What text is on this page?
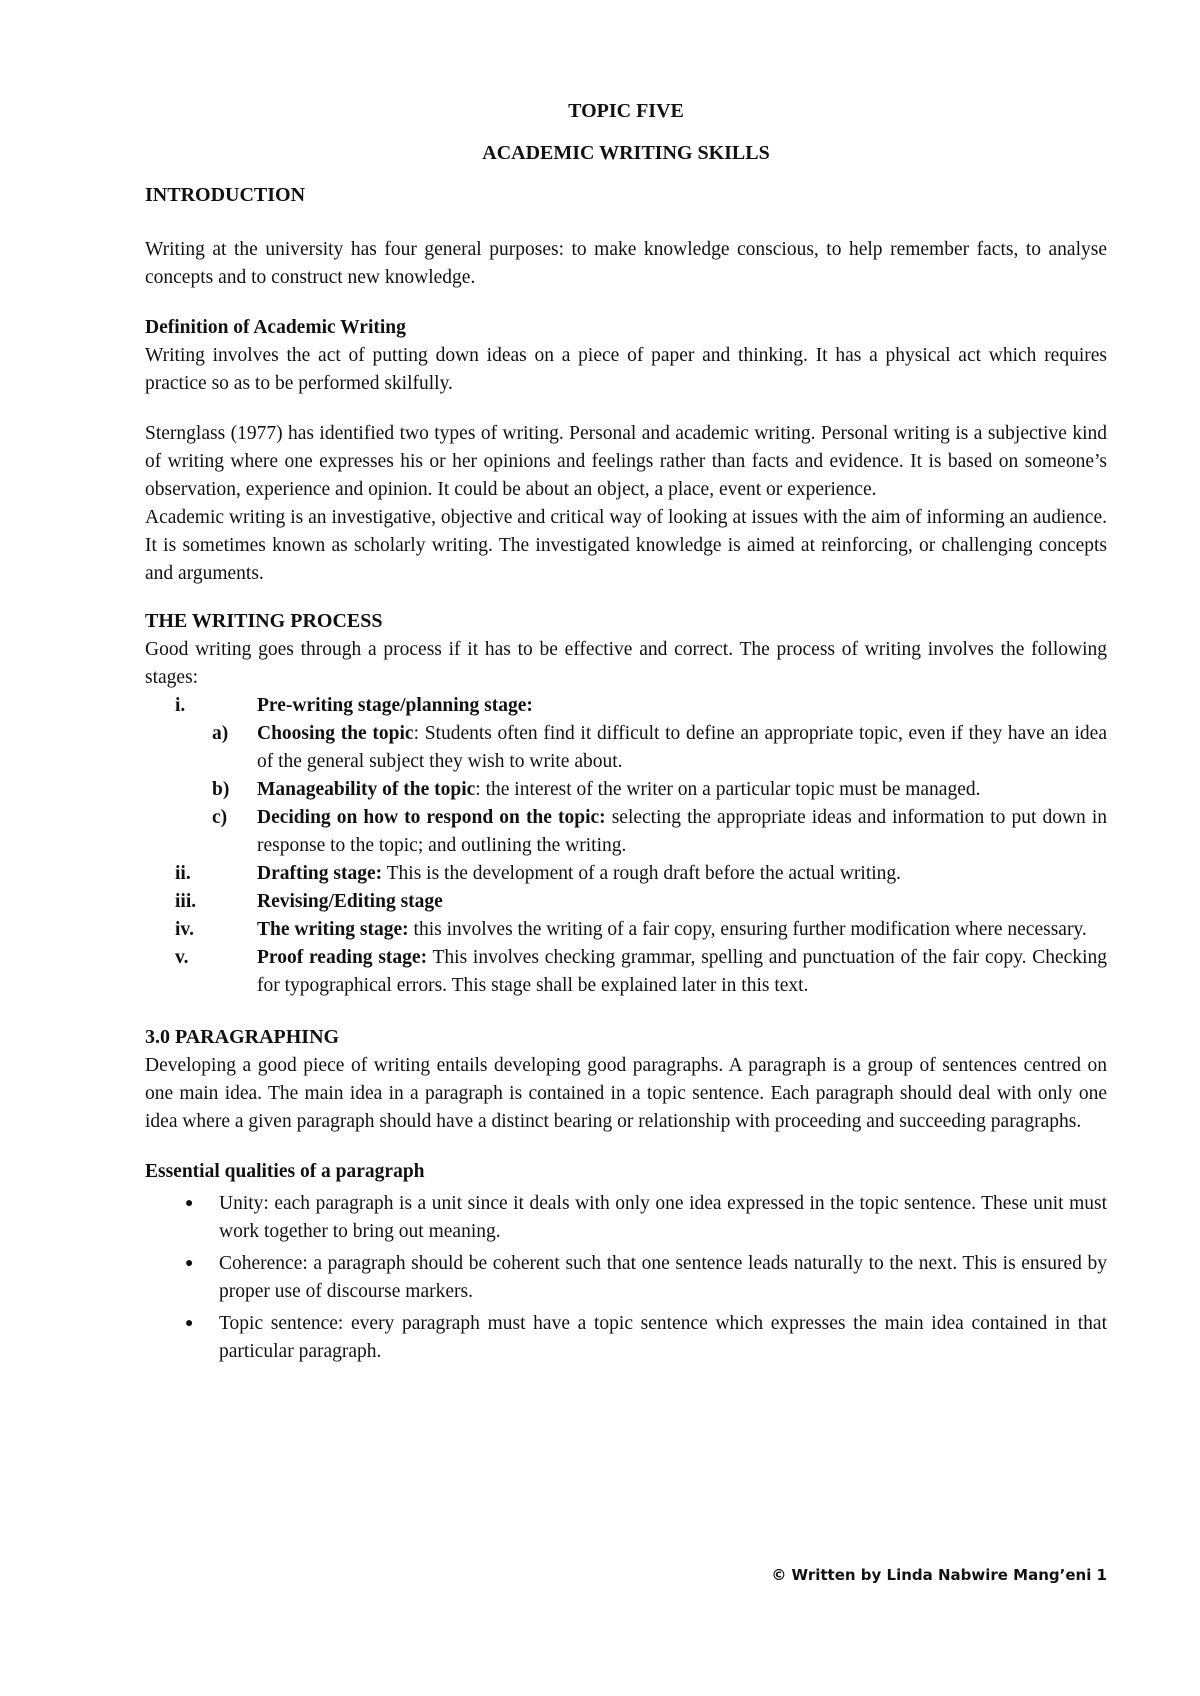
TOPIC FIVE
ACADEMIC WRITING SKILLS
INTRODUCTION

Writing at the university has four general purposes: to make knowledge conscious, to help remember facts, to analyse concepts and to construct new knowledge.

Definition of Academic Writing

Writing involves the act of putting down ideas on a piece of paper and thinking. It has a physical act which requires practice so as to be performed skilfully.

Sternglass (1977) has identified two types of writing. Personal and academic writing. Personal writing is a subjective kind of writing where one expresses his or her opinions and feelings rather than facts and evidence. It is based on someone’s observation, experience and opinion. It could be about an object, a place, event or experience.

Academic writing is an investigative, objective and critical way of looking at issues with the aim of informing an audience. It is sometimes known as scholarly writing. The investigated knowledge is aimed at reinforcing, or challenging concepts and arguments.

THE WRITING PROCESS

Good writing goes through a process if it has to be effective and correct. The process of writing involves the following stages:

i.	Pre-writing stage/planning stage:
a)	Choosing the topic: Students often find it difficult to define an appropriate topic, even if they have an idea of the general subject they wish to write about.
b)	Manageability of the topic: the interest of the writer on a particular topic must be managed.
c)	Deciding on how to respond on the topic: selecting the appropriate ideas and information to put down in response to the topic; and outlining the writing.
ii.	Drafting stage: This is the development of a rough draft before the actual writing.
iii.	Revising/Editing stage
iv.	The writing stage: this involves the writing of a fair copy, ensuring further modification where necessary.
v.	Proof reading stage: This involves checking grammar, spelling and punctuation of the fair copy. Checking for typographical errors. This stage shall be explained later in this text.
3.0 PARAGRAPHING

Developing a good piece of writing entails developing good paragraphs. A paragraph is a group of sentences centred on one main idea. The main idea in a paragraph is contained in a topic sentence. Each paragraph should deal with only one idea where a given paragraph should have a distinct bearing or relationship with proceeding and succeeding paragraphs.

Essential qualities of a paragraph
●	Unity: each paragraph is a unit since it deals with only one idea expressed in the topic sentence. These unit must work together to bring out meaning.
●	Coherence: a paragraph should be coherent such that one sentence leads naturally to the next. This is ensured by proper use of discourse markers.
●	Topic sentence: every paragraph must have a topic sentence which expresses the main idea contained in that particular paragraph.
© Written by Linda Nabwire Mang’eni 1
